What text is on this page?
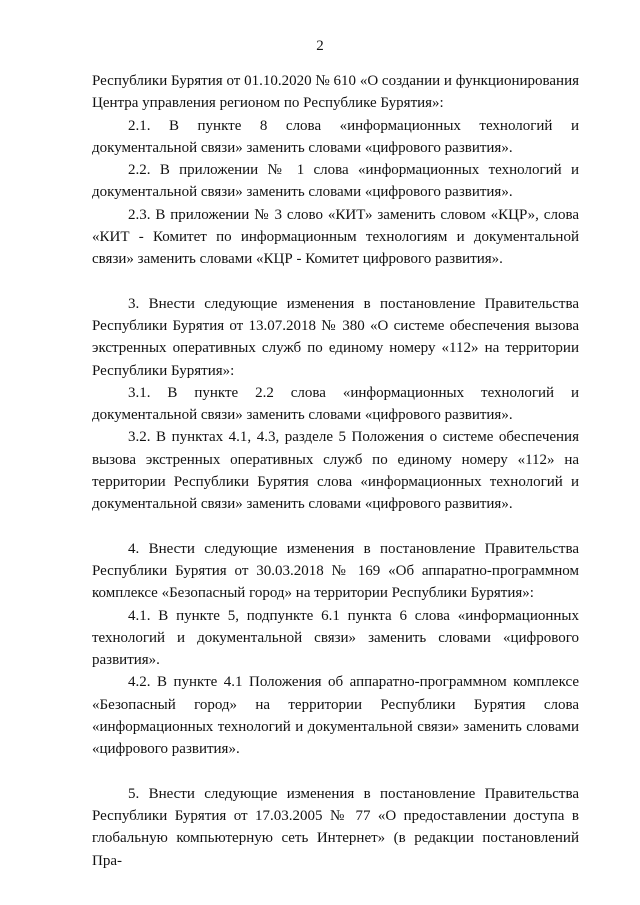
2

Республики Бурятия от 01.10.2020 № 610 «О создании и функционирования Центра управления регионом по Республике Бурятия»:

2.1. В пункте 8 слова «информационных технологий и документальной связи» заменить словами «цифрового развития».

2.2. В приложении № 1 слова «информационных технологий и документальной связи» заменить словами «цифрового развития».

2.3. В приложении № 3 слово «КИТ» заменить словом «КЦР», слова «КИТ - Комитет по информационным технологиям и документальной связи» заменить словами «КЦР - Комитет цифрового развития».

3. Внести следующие изменения в постановление Правительства Республики Бурятия от 13.07.2018 № 380 «О системе обеспечения вызова экстренных оперативных служб по единому номеру «112» на территории Республики Бурятия»:

3.1. В пункте 2.2 слова «информационных технологий и документальной связи» заменить словами «цифрового развития».

3.2. В пунктах 4.1, 4.3, разделе 5 Положения о системе обеспечения вызова экстренных оперативных служб по единому номеру «112» на территории Республики Бурятия слова «информационных технологий и документальной связи» заменить словами «цифрового развития».

4. Внести следующие изменения в постановление Правительства Республики Бурятия от 30.03.2018 № 169 «Об аппаратно-программном комплексе «Безопасный город» на территории Республики Бурятия»:

4.1. В пункте 5, подпункте 6.1 пункта 6 слова «информационных технологий и документальной связи» заменить словами «цифрового развития».

4.2. В пункте 4.1 Положения об аппаратно-программном комплексе «Безопасный город» на территории Республики Бурятия слова «информационных технологий и документальной связи» заменить словами «цифрового развития».

5. Внести следующие изменения в постановление Правительства Республики Бурятия от 17.03.2005 № 77 «О предоставлении доступа в глобальную компьютерную сеть Интернет» (в редакции постановлений Пра-
